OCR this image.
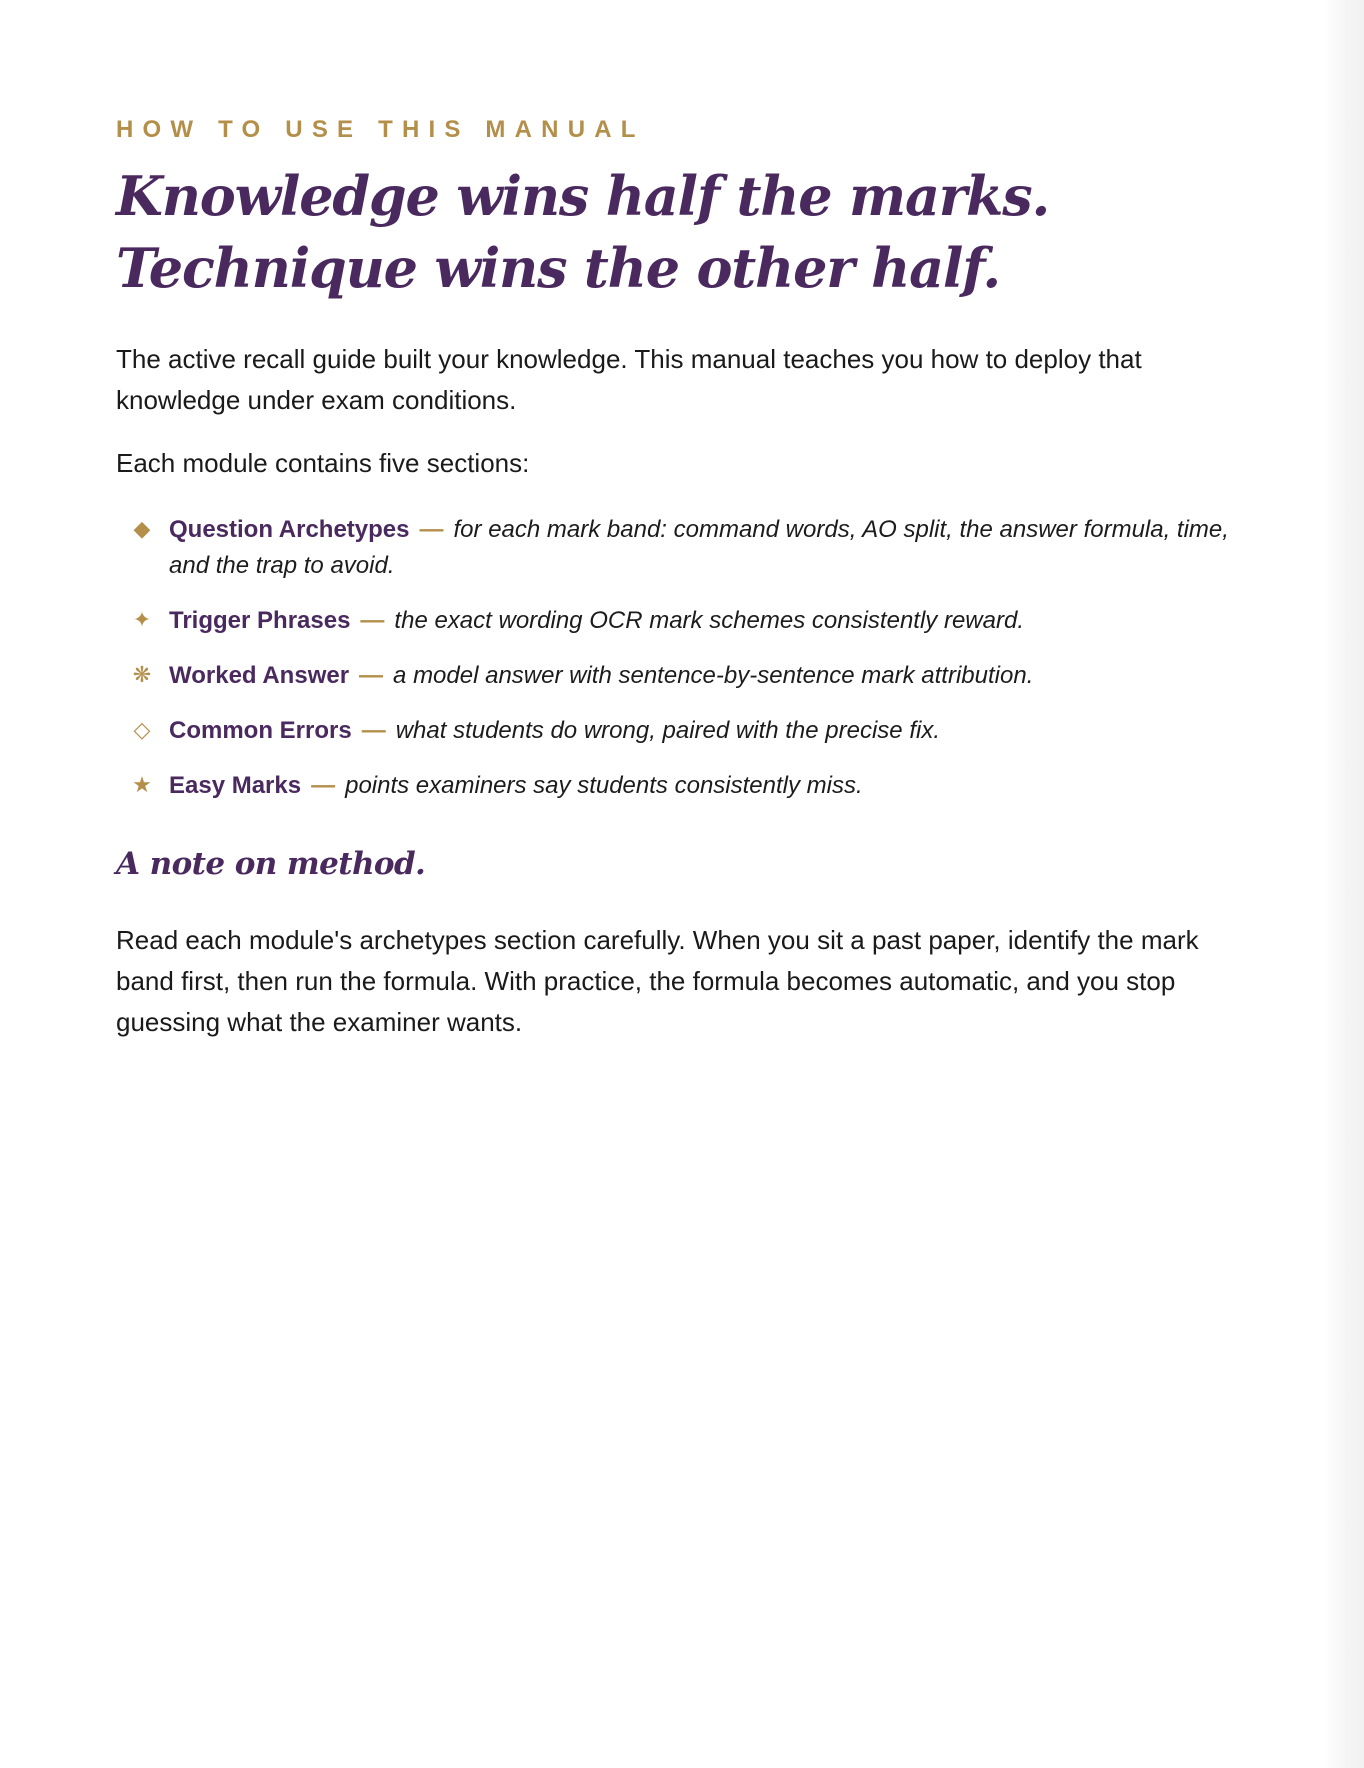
HOW TO USE THIS MANUAL
Knowledge wins half the marks.
Technique wins the other half.

The active recall guide built your knowledge. This manual teaches you how to deploy that knowledge under exam conditions.

Each module contains five sections:

◆ Question Archetypes — for each mark band: command words, AO split, the answer formula, time, and the trap to avoid.
✦ Trigger Phrases — the exact wording OCR mark schemes consistently reward.
❋ Worked Answer — a model answer with sentence-by-sentence mark attribution.
◇ Common Errors — what students do wrong, paired with the precise fix.
★ Easy Marks — points examiners say students consistently miss.
A note on method.

Read each module's archetypes section carefully. When you sit a past paper, identify the mark band first, then run the formula. With practice, the formula becomes automatic, and you stop guessing what the examiner wants.
